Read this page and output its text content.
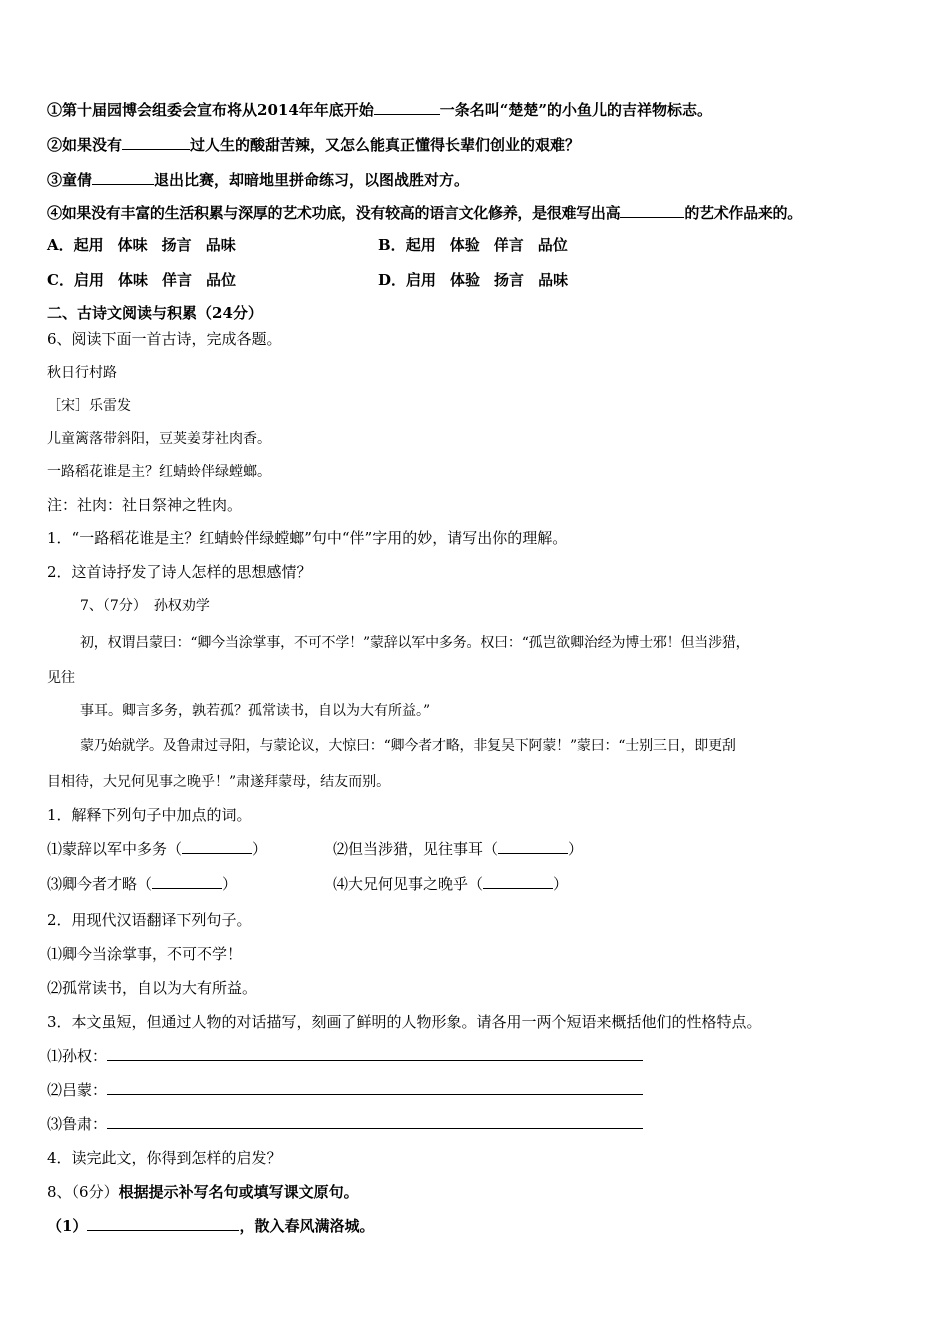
①第十届园博会组委会宣布将从2014年年底开始	一条名叫“楚楚”的小鱼儿的吉祥物标志。
②如果没有	过人生的酸甜苦辣，又怎么能真正懂得长辈们创业的艰难？
③童倩	退出比赛，却暗地里拼命练习，以图战胜对方。
④如果没有丰富的生活积累与深厚的艺术功底，没有较高的语言文化修养，是很难写出高	的艺术作品来的。
A．起用 体味 扬言 品味	B．起用 体验 佯言 品位
C．启用 体味 佯言 品位	D．启用 体验 扬言 品味
二、古诗文阅读与积累（24分）
6、阅读下面一首古诗，完成各题。
秋日行村路
［宋］乐雷发
儿童篱落带斜阳，豆荚姜芽社肉香。
一路稻花谁是主？红蜻蛉伴绿螳螂。
注：社肉：社日祭神之牲肉。
1．“一路稻花谁是主？红蜻蛉伴绿螳螂”句中“伴”字用的妙，请写出你的理解。
2．这首诗抒发了诗人怎样的思想感情？
7、（7分）　孙权劝学
初，权谓吕蒙曰：“卿今当涂掌事，不可不学！”蒙辞以军中多务。权曰：“孤岂欲卿治经为博士邪！但当涉猎，
见往
事耳。卿言多务，孰若孤？孤常读书，自以为大有所益。”
蒙乃始就学。及鲁肃过寻阳，与蒙论议，大惊曰：“卿今者才略，非复吴下阿蒙！”蒙曰：“士别三日，即更刮
目相待，大兄何见事之晚乎！”肃遂拜蒙母，结友而别。
1．解释下列句子中加点的词。
⑴蒙辞以军中多务（	）	⑵但当涉猎，见往事耳（	）
⑶卿今者才略（	）	⑷大兄何见事之晚乎（	）
2．用现代汉语翻译下列句子。
⑴卿今当涂掌事，不可不学！
⑵孤常读书，自以为大有所益。
3．本文虽短，但通过人物的对话描写，刻画了鲜明的人物形象。请各用一两个短语来概括他们的性格特点。
⑴孙权：
⑵吕蒙：
⑶鲁肃：
4．读完此文，你得到怎样的启发？
8、（6分）根据提示补写名句或填写课文原句。
（1）	，散入春风满洛城。
